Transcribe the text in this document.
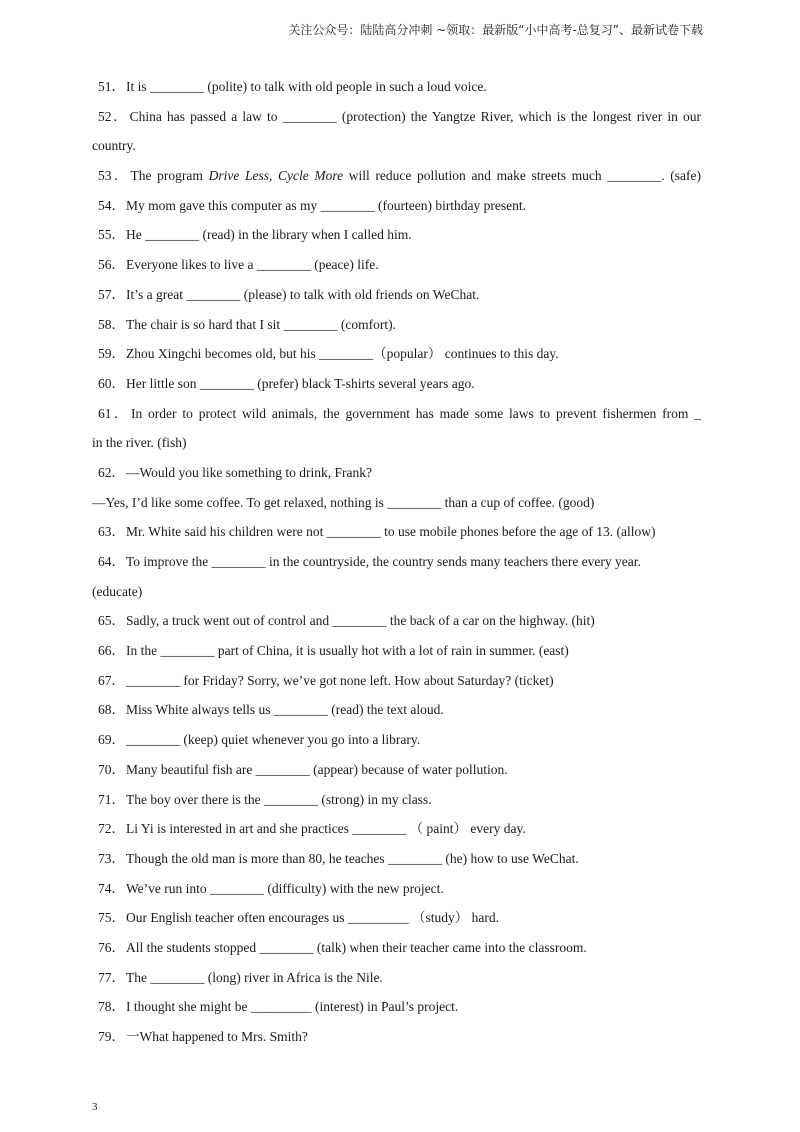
关注公众号：陆陆高分冲刺 ~领取：最新版“小中高考-总复习”、最新试卷下载
51．It is ________ (polite) to talk with old people in such a loud voice.
52．China has passed a law to ________ (protection) the Yangtze River, which is the longest river in our
country.
53．The program Drive Less, Cycle More will reduce pollution and make streets much ________. (safe)
54．My mom gave this computer as my ________ (fourteen) birthday present.
55．He ________ (read) in the library when I called him.
56．Everyone likes to live a ________ (peace) life.
57．It’s a great ________ (please) to talk with old friends on WeChat.
58．The chair is so hard that I sit ________ (comfort).
59．Zhou Xingchi becomes old, but his ________（popular） continues to this day.
60．Her little son ________ (prefer) black T-shirts several years ago.
61．In order to protect wild animals, the government has made some laws to prevent fishermen from _
in the river. (fish)
62．—Would you like something to drink, Frank?
—Yes, I’d like some coffee. To get relaxed, nothing is ________ than a cup of coffee. (good)
63．Mr. White said his children were not ________ to use mobile phones before the age of 13. (allow)
64．To improve the ________ in the countryside, the country sends many teachers there every year.
(educate)
65．Sadly, a truck went out of control and ________ the back of a car on the highway. (hit)
66．In the ________ part of China, it is usually hot with a lot of rain in summer. (east)
67．________ for Friday? Sorry, we’ve got none left. How about Saturday? (ticket)
68．Miss White always tells us ________ (read) the text aloud.
69．________ (keep) quiet whenever you go into a library.
70．Many beautiful fish are ________ (appear) because of water pollution.
71．The boy over there is the ________ (strong) in my class.
72．Li Yi is interested in art and she practices ________ （ paint） every day.
73．Though the old man is more than 80, he teaches ________ (he) how to use WeChat.
74．We’ve run into ________ (difficulty) with the new project.
75．Our English teacher often encourages us _________ （study） hard.
76．All the students stopped ________ (talk) when their teacher came into the classroom.
77．The ________ (long) river in Africa is the Nile.
78．I thought she might be _________ (interest) in Paul’s project.
79．一What happened to Mrs. Smith?
3
